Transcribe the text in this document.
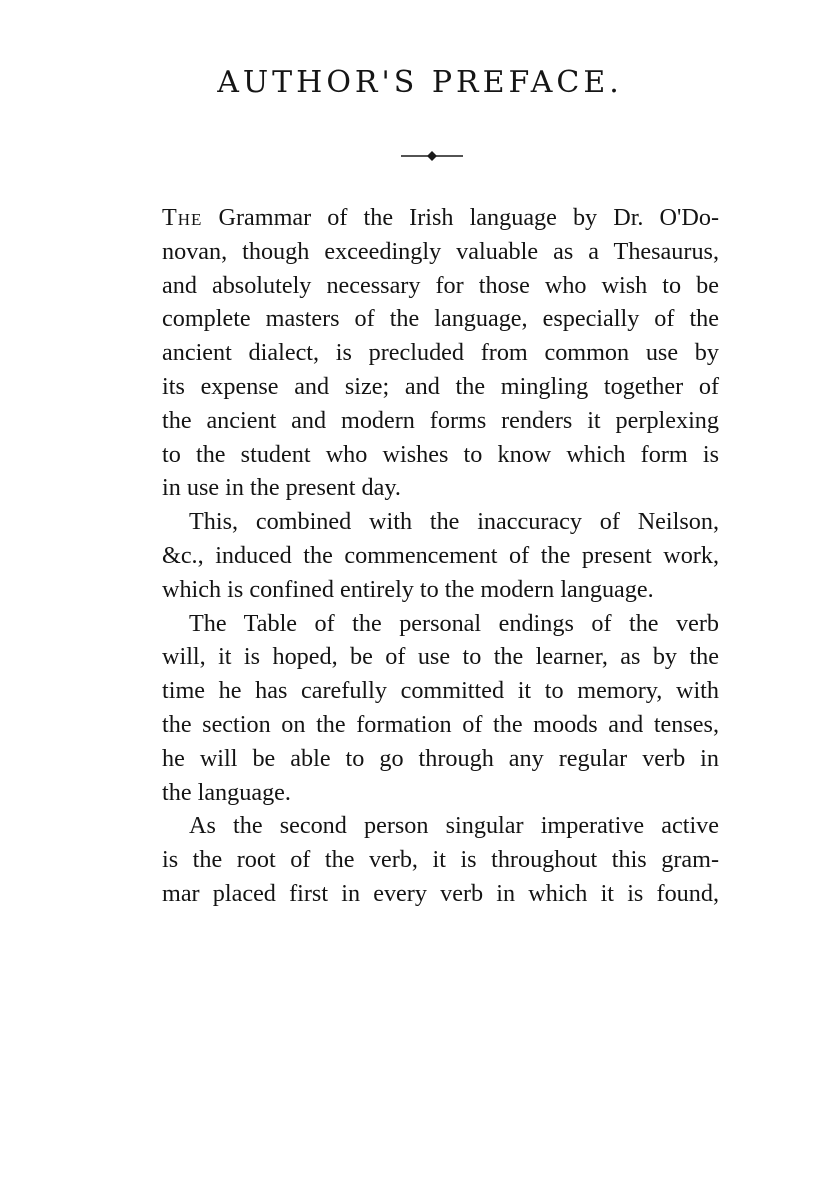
AUTHOR'S PREFACE.

The Grammar of the Irish language by Dr. O'Do-
novan, though exceedingly valuable as a Thesaurus,
and absolutely necessary for those who wish to be
complete masters of the language, especially of the
ancient dialect, is precluded from common use by
its expense and size; and the mingling together of
the ancient and modern forms renders it perplexing
to the student who wishes to know which form is
in use in the present day.

This, combined with the inaccuracy of Neilson,
&c., induced the commencement of the present work,
which is confined entirely to the modern language.

The Table of the personal endings of the verb
will, it is hoped, be of use to the learner, as by the
time he has carefully committed it to memory, with
the section on the formation of the moods and tenses,
he will be able to go through any regular verb in
the language.

As the second person singular imperative active
is the root of the verb, it is throughout this gram-
mar placed first in every verb in which it is found,
